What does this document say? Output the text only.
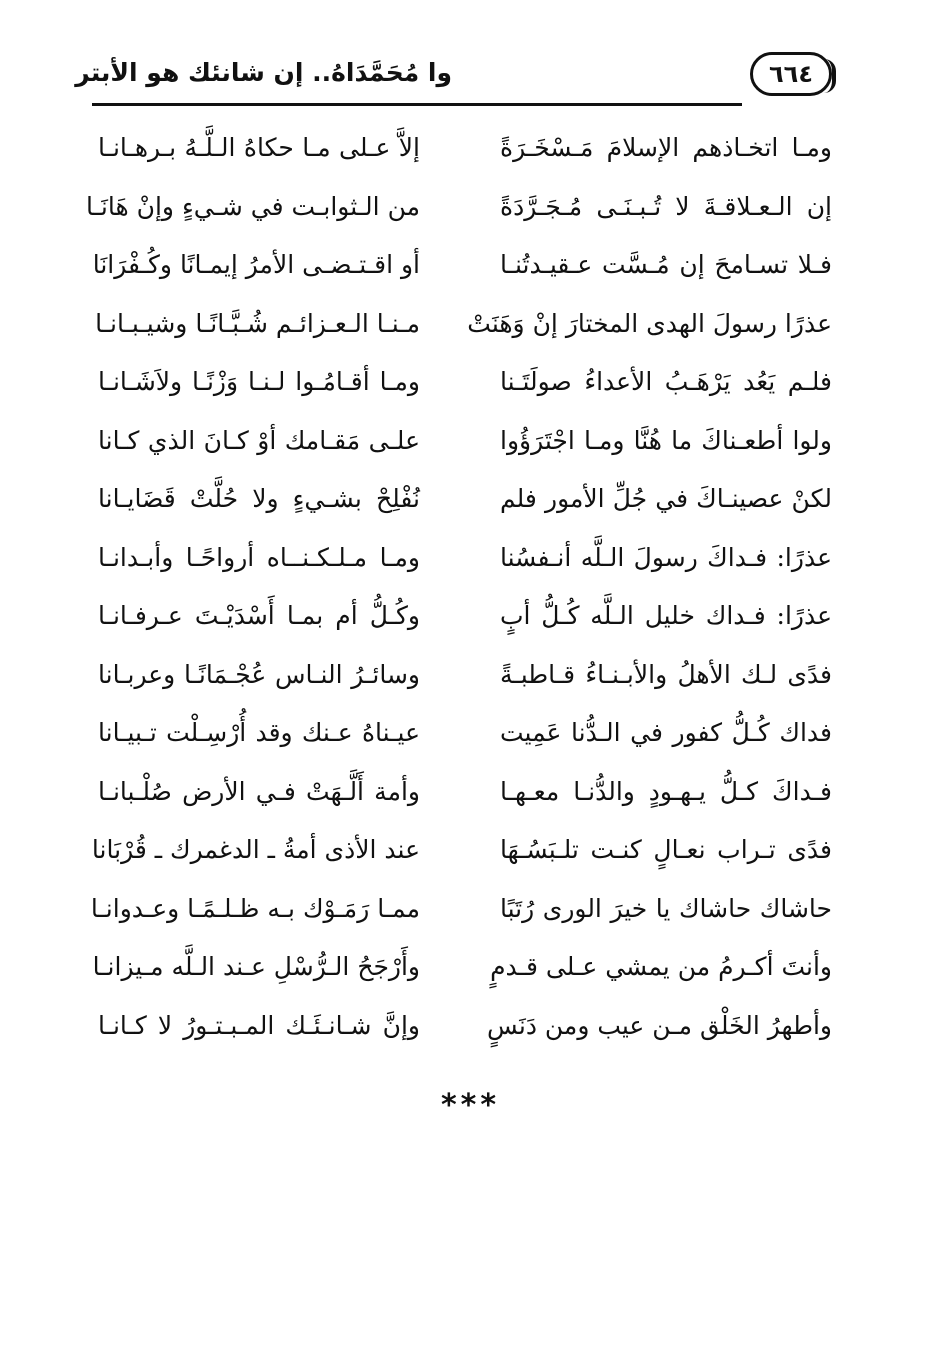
وا مُحَمَّدَاهُ.. إن شانئك هو الأبتر	٦٦٤
ومـا اتخـاذهم الإسلامَ مَـسْخَـرَةً
إلاَّ عـلى مـا حكاهُ الـلَّـهُ بـرهـانـا
إن الـعـلاقـةَ لا تُـبـنَـى مُـجَـرَّدَةً
من الـثوابـت في شـيءٍ وإنْ هَانَـا
فـلا تسـامحَ إن مُـسَّت عـقيـدتُنـا
أو اقـتـضـى الأمرُ إيمـانًا وكُـفْرَانَا
عذرًا رسولَ الهدى المختارَ إنْ وَهَنَتْ
مـنـا الـعـزائـم شُـبَّـانًـا وشيـبـانـا
فلـم يَعُد يَرْهَـبُ الأعداءُ صولَتَـنا
ومـا أقـامُـوا لـنـا وَزْنًـا ولاَشَـانـا
ولوا أطعـناكَ ما هُنَّا ومـا اجْتَرَؤُوا
علـى مَقـامك أوْ كـانَ الذي كـانا
لكنْ عصينـاكَ في جُلِّ الأمور فلم
نُفْلِحْ بشـيءٍ ولا حُلَّتْ قَضَايـانا
عذرًا: فـداكَ رسولَ الـلَّه أنـفسُنا
ومـا مـلـكـنــاه أرواحًـا وأبـدانـا
عذرًا: فـداك خليل الـلَّه كُـلُّ أبٍ
وكُـلُّ أم بمـا أَسْدَيْـتَ عـرفـانـا
فدًى لـك الأهلُ والأبـنـاءُ قـاطبـةً
وسائـرُ النـاس عُجْـمَانًـا وعربـانا
فداك كُـلُّ كفور في الـدُّنا عَمِيت
عيـناهُ عـنك وقد أُرْسِـلْت تـبيـانا
فـداكَ كـلُّ يـهـودٍ والدُّنـا معـهـا
وأمة أَلَّـهَتْ فـي الأرض صُلْـبانـا
فدًى تـراب نعـالٍ كنـت تلـبَسُـهَا
عند الأذى أمةُ ـ الدغمرك ـ قُرْبَانا
حاشاك حاشاك يا خيرَ الورى رُتَبًا
ممـا رَمَـوْك بـه ظـلـمًـا وعـدوانـا
وأنتَ أكـرمُ من يمشي عـلى قـدمٍ
وأَرْجَحُ الـرُّسْلِ عـند الـلَّه مـيزانـا
وأطهرُ الخَلْق مـن عيب ومن دَنَسٍ
وإنَّ شـانـئَـك المـبـتـورُ لا كـانـا
***
